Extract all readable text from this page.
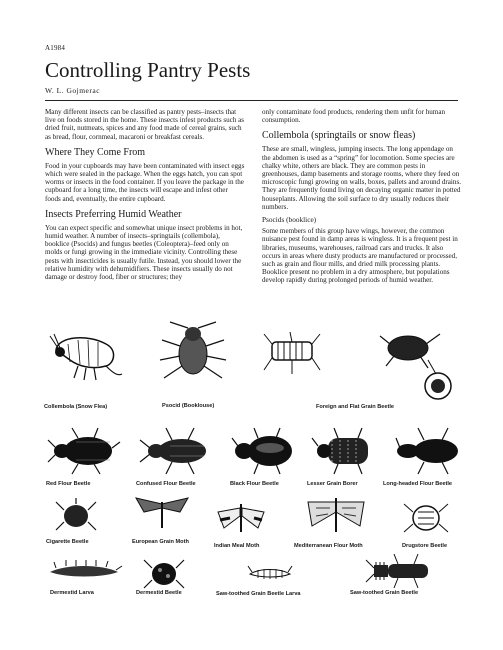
A1984
Controlling Pantry Pests
W. L. Gojmerac

Many different insects can be classified as pantry pests–insects that live on foods stored in the home. These insects infest products such as dried fruit, nutmeats, spices and any food made of cereal grains, such as bread, flour, cornmeal, macaroni or breakfast cereals.

Where They Come From

Food in your cupboards may have been contaminated with insect eggs which were sealed in the package. When the eggs hatch, you can spot worms or insects in the food container. If you leave the package in the cupboard for a long time, the insects will escape and infest other foods and, eventually, the entire cupboard.

Insects Preferring Humid Weather

You can expect specific and somewhat unique insect problems in hot, humid weather. A number of insects–springtails (collembola), booklice (Psocids) and fungus beetles (Coleoptera)–feed only on molds or fungi growing in the immediate vicinity. Controlling these pests with insecticides is usually futile. Instead, you should lower the relative humidity with dehumidifiers. These insects usually do not damage or destroy food, fiber or structures; they

only contaminate food products, rendering them unfit for human consumption.

Collembola (springtails or snow fleas)

These are small, wingless, jumping insects. The long appendage on the abdomen is used as a “spring” for locomotion. Some species are chalky white, others are black. They are common pests in greenhouses, damp basements and storage rooms, where they feed on microscopic fungi growing on walls, boxes, pallets and around drains. They are frequently found living on decaying organic matter in potted houseplants. Allowing the soil surface to dry usually reduces their numbers.

Psocids (booklice)

Some members of this group have wings, however, the common nuisance pest found in damp areas is wingless. It is a frequent pest in libraries, museums, warehouses, railroad cars and trucks. It also occurs in areas where dusty products are manufactured or processed, such as grain and flour mills, and dried milk processing plants. Booklice present no problem in a dry atmosphere, but populations develop rapidly during prolonged periods of humid weather.

Collembola (Snow Flea)	Psocid (Booklouse)	Foreign and Flat Grain Beetle
Red Flour Beetle	Confused Flour Beetle	Black Flour Beetle	Lesser Grain Borer	Long-headed Flour Beetle
Cigarette Beetle	European Grain Moth
Indian Meal Moth	Mediterranean Flour Moth	Drugstore Beetle
Dermestid Larva	Dermestid Beetle	Saw-toothed Grain Beetle Larva	Saw-toothed Grain Beetle
